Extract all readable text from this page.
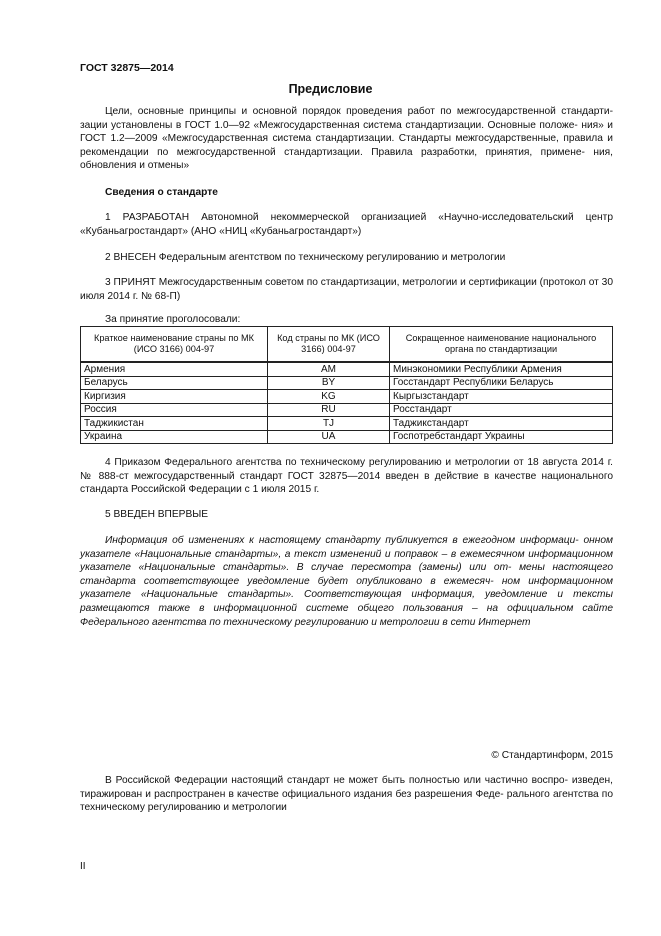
ГОСТ 32875—2014
Предисловие
Цели, основные принципы и основной порядок проведения работ по межгосударственной стандарти- зации установлены в ГОСТ 1.0—92 «Межгосударственная система стандартизации. Основные положе- ния» и ГОСТ 1.2—2009 «Межгосударственная система стандартизации. Стандарты межгосударственные, правила и рекомендации по межгосударственной стандартизации. Правила разработки, принятия, примене- ния, обновления и отмены»
Сведения о стандарте
1 РАЗРАБОТАН Автономной некоммерческой организацией «Научно-исследовательский центр «Кубаньагростандарт» (АНО «НИЦ «Кубаньагростандарт»)
2 ВНЕСЕН Федеральным агентством по техническому регулированию и метрологии
3 ПРИНЯТ Межгосударственным советом по стандартизации, метрологии и сертификации (протокол от 30 июля 2014 г. № 68-П)
За принятие проголосовали:
Краткое наименование страны по МК (ИСО 3166) 004-97	Код страны по МК (ИСО 3166) 004-97	Сокращенное наименование национального органа по стандартизации
Армения	AM	Минэкономики Республики Армения
Беларусь	BY	Госстандарт Республики Беларусь
Киргизия	KG	Кыргызстандарт
Россия	RU	Росстандарт
Таджикистан	TJ	Таджикстандарт
Украина	UA	Госпотребстандарт Украины
4 Приказом Федерального агентства по техническому регулированию и метрологии от 18 августа 2014 г. № 888-ст межгосударственный стандарт ГОСТ 32875—2014 введен в действие в качестве национального стандарта Российской Федерации с 1 июля 2015 г.
5 ВВЕДЕН ВПЕРВЫЕ
Информация об изменениях к настоящему стандарту публикуется в ежегодном информаци- онном указателе «Национальные стандарты», а текст изменений и поправок – в ежемесячном информационном указателе «Национальные стандарты». В случае пересмотра (замены) или от- мены настоящего стандарта соответствующее уведомление будет опубликовано в ежемесяч- ном информационном указателе «Национальные стандарты». Соответствующая информация, уведомление и тексты размещаются также в информационной системе общего пользования – на официальном сайте Федерального агентства по техническому регулированию и метрологии в сети Интернет
© Стандартинформ, 2015
В Российской Федерации настоящий стандарт не может быть полностью или частично воспро- изведен, тиражирован и распространен в качестве официального издания без разрешения Феде- рального агентства по техническому регулированию и метрологии
II
